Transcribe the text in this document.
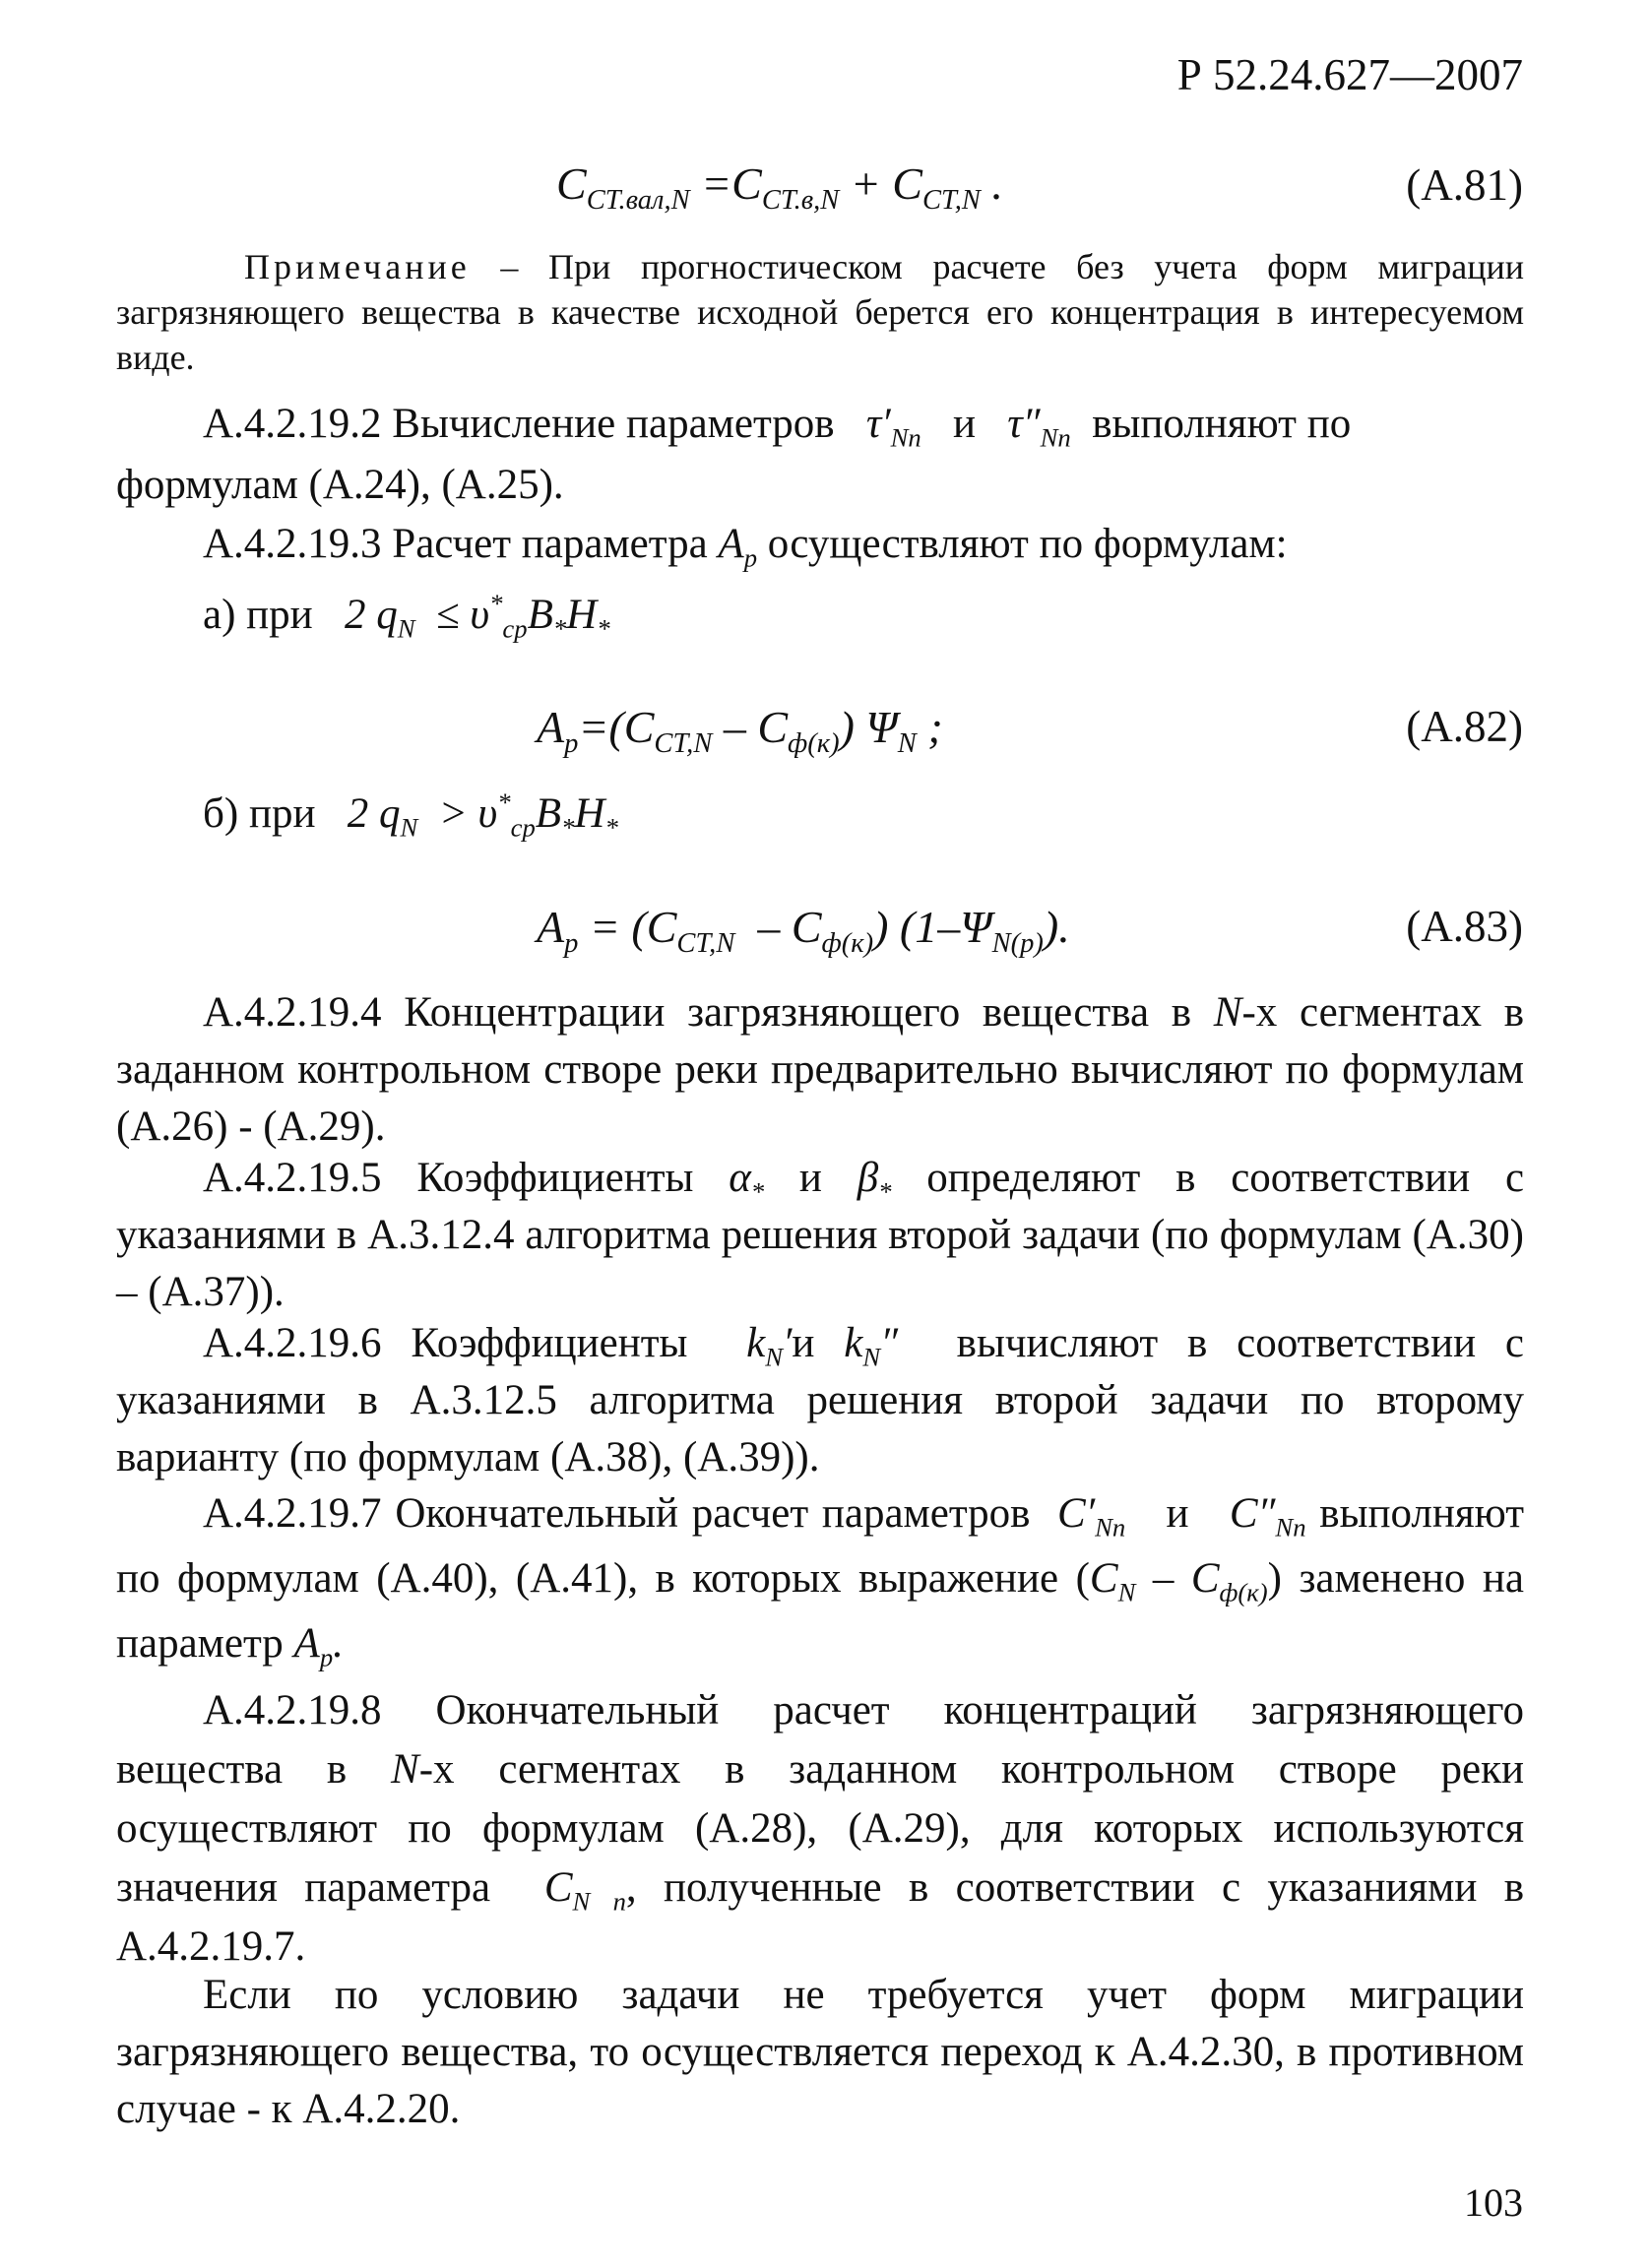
Р 52.24.627—2007
$C_{CT.вал,N} =C_{CT.в,N} + C_{CT,N}$ .	(А.81)
Примечание – При прогностическом расчете без учета форм миграции загрязняющего вещества в качестве исходной берется его концентрация в интересуемом виде.
А.4.2.19.2 Вычисление параметров   $\tau'_{Nn}$ и   $\tau''_{Nn}$ выполняют по
формулам (А.24), (А.25).
А.4.2.19.3 Расчет параметра $A_p$ осуществляют по формулам:
а) при   2 $q_N \le \upsilon^*_{cp}B_*H_*$
$A_p=(C_{CT,N} - C_{ф(к)})$ $\Psi_N$ ;	(А.82)
б) при   2 $q_N > \upsilon^*_{cp}B_*H_*$
$A_p = (C_{CT,N} - C_{ф(к)})$ $(1-\Psi_{N(p)})$.	(А.83)
А.4.2.19.4 Концентрации загрязняющего вещества в N-х сегментах в заданном контрольном створе реки предварительно вычисляют по формулам (А.26) - (А.29).
А.4.2.19.5 Коэффициенты $\alpha_*$ и $\beta_*$ определяют в соответствии с указаниями в А.3.12.4 алгоритма решения второй задачи (по формулам (А.30) – (А.37)).
А.4.2.19.6 Коэффициенты  $k_N'и$ $k_N''$  вычисляют в соответствии с указаниями в А.3.12.5 алгоритма решения второй задачи по второму варианту (по формулам (А.38), (А.39)).
А.4.2.19.7 Окончательный расчет параметров  $C'_{Nn}$ и   $C''_{Nn}$ выполняют по формулам (А.40), (А.41), в которых выражение $(C_N - C_{ф(к)})$ заменено на параметр $A_p$.
А.4.2.19.8 Окончательный расчет концентраций загрязняющего вещества в N-х сегментах в заданном контрольном створе реки осуществляют по формулам (А.28), (А.29), для которых используются значения параметра  $C_{N n}$, полученные в соответствии с указаниями в А.4.2.19.7.
Если по условию задачи не требуется учет форм миграции загрязняющего вещества, то осуществляется переход к А.4.2.30, в противном случае - к А.4.2.20.
103
